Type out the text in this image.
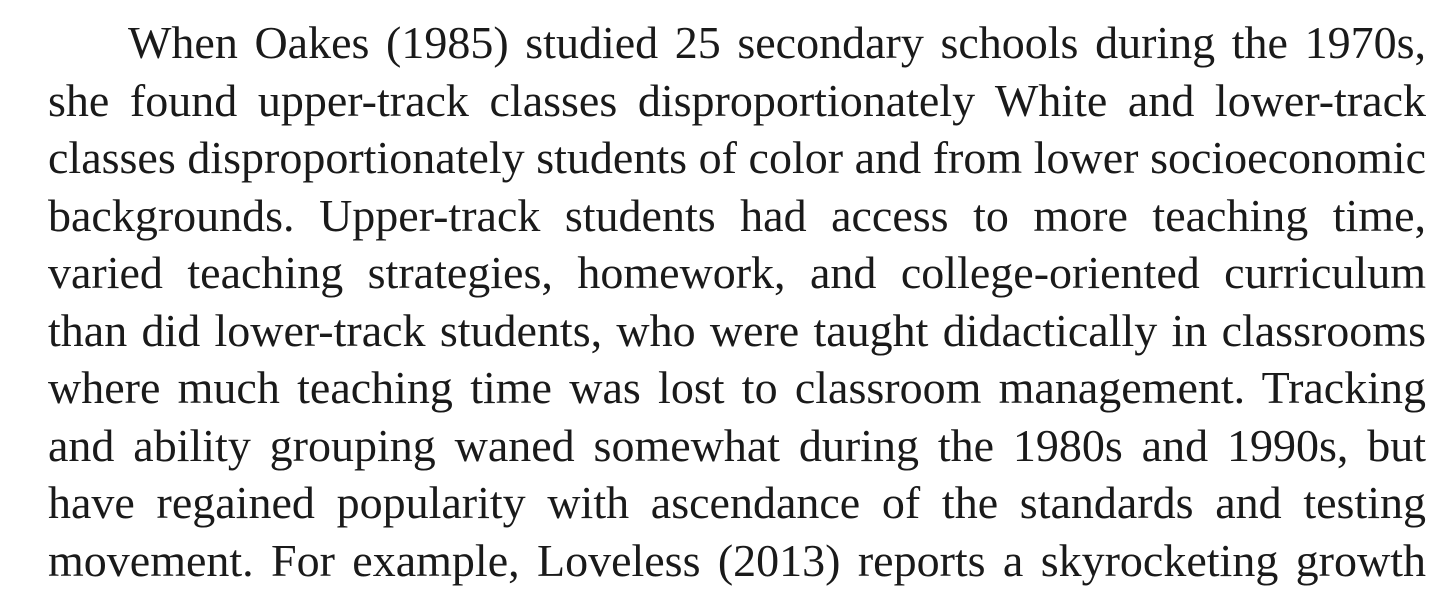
When Oakes (1985) studied 25 secondary schools during the 1970s,
she found upper-track classes disproportionately White and lower-track
classes disproportionately students of color and from lower socioeconomic
backgrounds. Upper-track students had access to more teaching time,
varied teaching strategies, homework, and college-oriented curriculum
than did lower-track students, who were taught didactically in classrooms
where much teaching time was lost to classroom management. Tracking
and ability grouping waned somewhat during the 1980s and 1990s, but
have regained popularity with ascendance of the standards and testing
movement. For example, Loveless (2013) reports a skyrocketing growth
